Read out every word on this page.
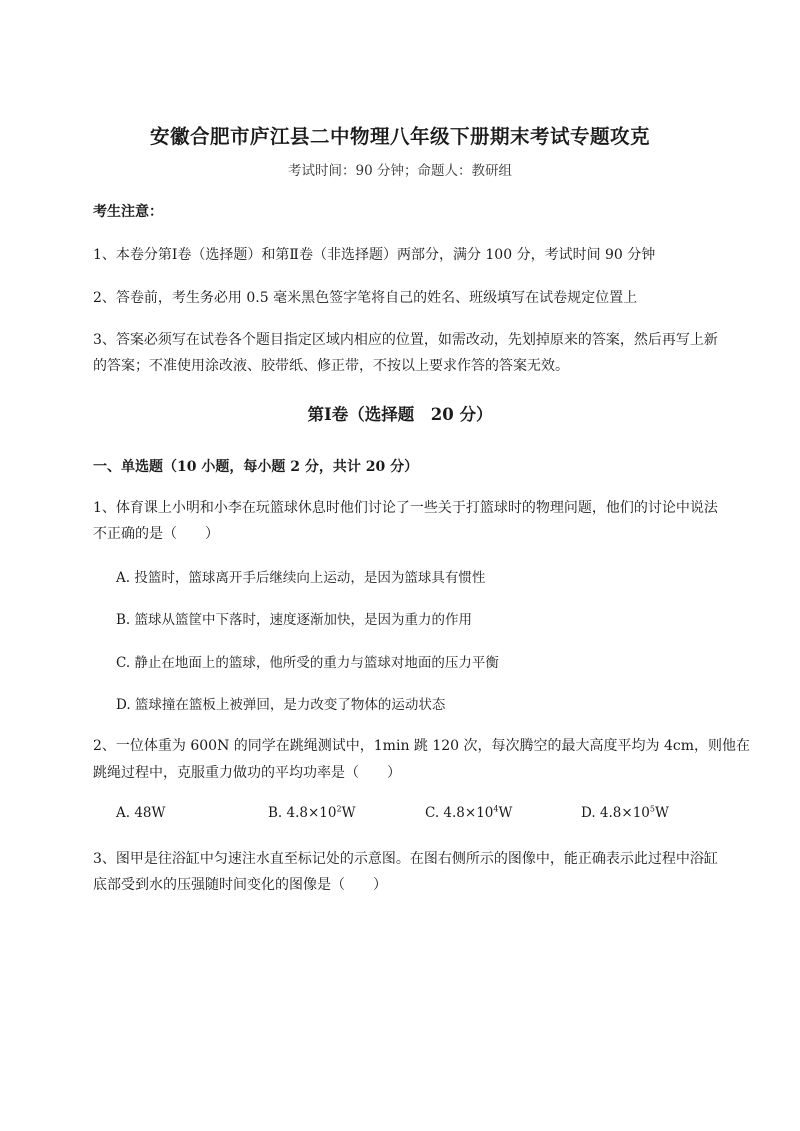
安徽合肥市庐江县二中物理八年级下册期末考试专题攻克
考试时间：90 分钟；命题人：教研组
考生注意：
1、本卷分第Ⅰ卷（选择题）和第Ⅱ卷（非选择题）两部分，满分 100 分，考试时间 90 分钟
2、答卷前，考生务必用 0.5 毫米黑色签字笔将自己的姓名、班级填写在试卷规定位置上
3、答案必须写在试卷各个题目指定区域内相应的位置，如需改动，先划掉原来的答案，然后再写上新
的答案；不准使用涂改液、胶带纸、修正带，不按以上要求作答的答案无效。
第Ⅰ卷（选择题　20 分）
一、单选题（10 小题，每小题 2 分，共计 20 分）
1、体育课上小明和小李在玩篮球休息时他们讨论了一些关于打篮球时的物理问题，他们的讨论中说法
不正确的是（　　）
A. 投篮时，篮球离开手后继续向上运动，是因为篮球具有惯性
B. 篮球从篮筐中下落时，速度逐渐加快，是因为重力的作用
C. 静止在地面上的篮球，他所受的重力与篮球对地面的压力平衡
D. 篮球撞在篮板上被弹回，是力改变了物体的运动状态
2、一位体重为 600N 的同学在跳绳测试中，1min 跳 120 次，每次腾空的最大高度平均为 4cm，则他在
跳绳过程中，克服重力做功的平均功率是（　　）
A. 48W	B. $4.8\times 10^2W$	C. $4.8\times 10^4W$	D. $4.8\times 10^5W$
3、图甲是往浴缸中匀速注水直至标记处的示意图。在图右侧所示的图像中，能正确表示此过程中浴缸
底部受到水的压强随时间变化的图像是（　　）
